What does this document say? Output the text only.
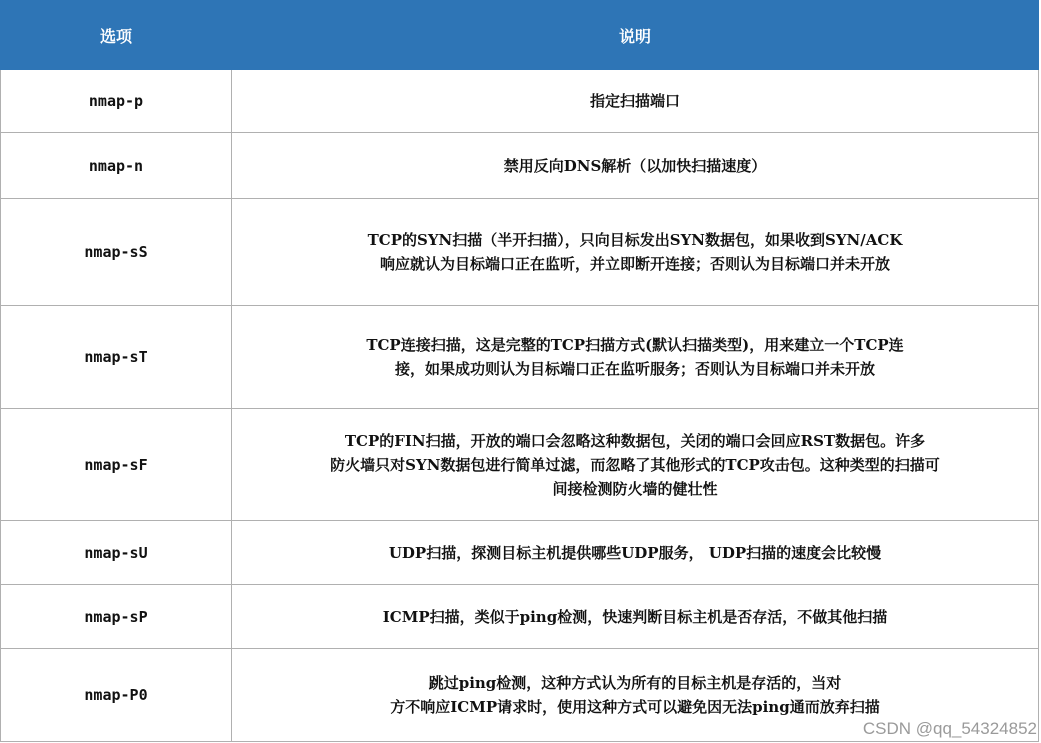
选项	说明
nmap-p	指定扫描端口

nmap-n	禁用反向DNS解析（以加快扫描速度）

nmap-sS	TCP的SYN扫描（半开扫描），只向目标发出SYN数据包，如果收到SYN/ACK
响应就认为目标端口正在监听，并立即断开连接；否则认为目标端口并未开放

nmap-sT	TCP连接扫描，这是完整的TCP扫描方式(默认扫描类型)，用来建立一个TCP连
接，如果成功则认为目标端口正在监听服务；否则认为目标端口并未开放

nmap-sF	TCP的FIN扫描，开放的端口会忽略这种数据包，关闭的端口会回应RST数据包。许多
防火墙只对SYN数据包进行简单过滤，而忽略了其他形式的TCP攻击包。这种类型的扫描可
间接检测防火墙的健壮性

nmap-sU	UDP扫描，探测目标主机提供哪些UDP服务， UDP扫描的速度会比较慢

nmap-sP	ICMP扫描，类似于ping检测，快速判断目标主机是否存活，不做其他扫描

nmap-P0	跳过ping检测，这种方式认为所有的目标主机是存活的，当对
方不响应ICMP请求时，使用这种方式可以避免因无法ping通而放弃扫描
CSDN @qq_54324852
